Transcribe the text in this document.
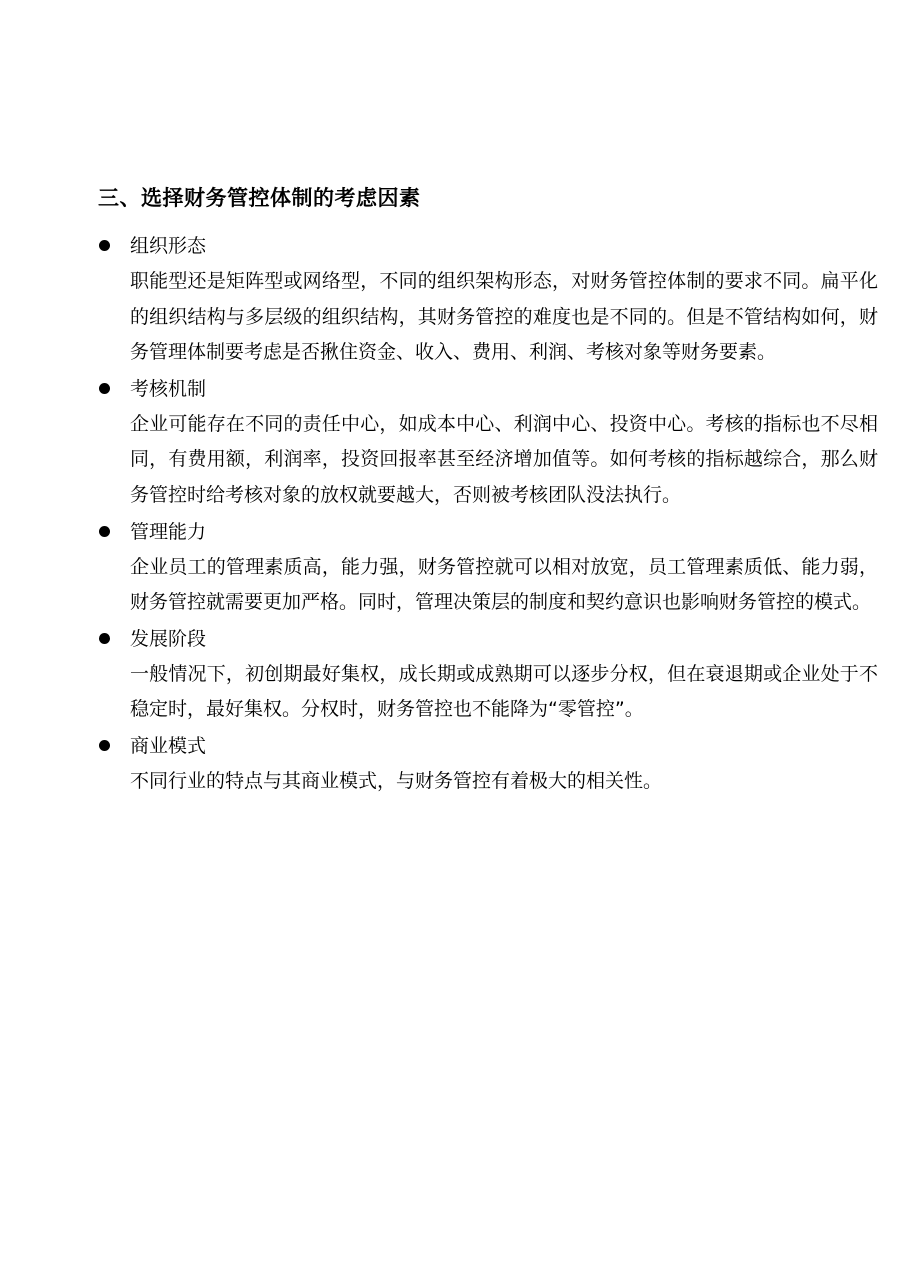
三、选择财务管控体制的考虑因素
组织形态

职能型还是矩阵型或网络型，不同的组织架构形态，对财务管控体制的要求不同。扁平化的组织结构与多层级的组织结构，其财务管控的难度也是不同的。但是不管结构如何，财务管理体制要考虑是否揪住资金、收入、费用、利润、考核对象等财务要素。

考核机制

企业可能存在不同的责任中心，如成本中心、利润中心、投资中心。考核的指标也不尽相同，有费用额，利润率，投资回报率甚至经济增加值等。如何考核的指标越综合，那么财务管控时给考核对象的放权就要越大，否则被考核团队没法执行。

管理能力

企业员工的管理素质高，能力强，财务管控就可以相对放宽，员工管理素质低、能力弱，财务管控就需要更加严格。同时，管理决策层的制度和契约意识也影响财务管控的模式。

发展阶段

一般情况下，初创期最好集权，成长期或成熟期可以逐步分权，但在衰退期或企业处于不稳定时，最好集权。分权时，财务管控也不能降为“零管控”。

商业模式

不同行业的特点与其商业模式，与财务管控有着极大的相关性。
